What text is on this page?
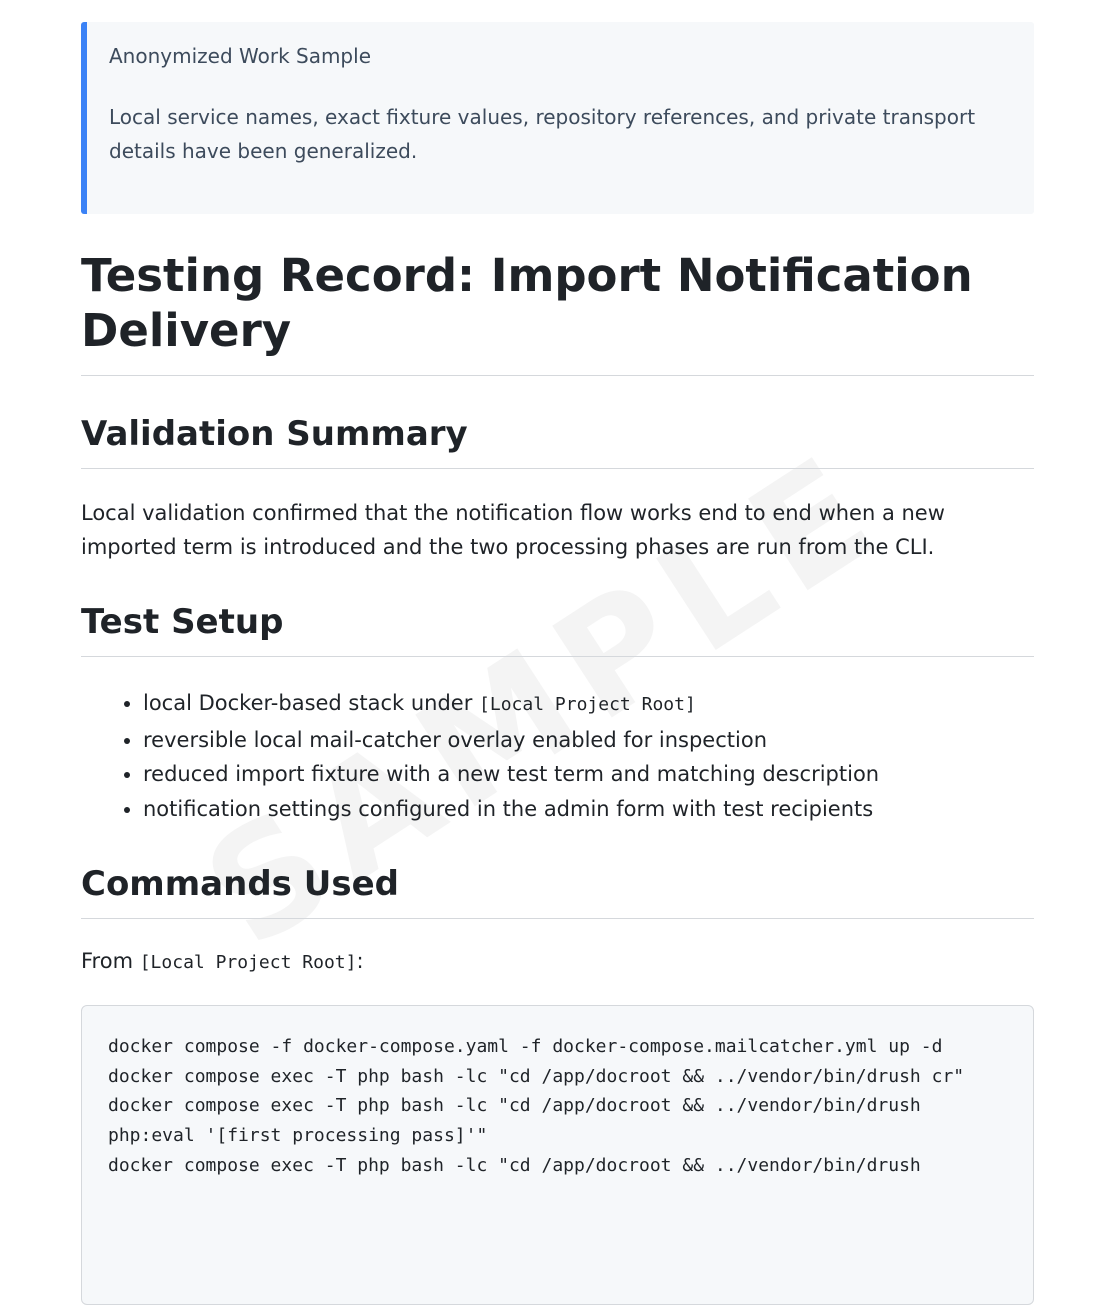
Anonymized Work Sample

Local service names, exact fixture values, repository references, and private transport details have been generalized.

Testing Record: Import Notification Delivery
Validation Summary

Local validation confirmed that the notification flow works end to end when a new imported term is introduced and the two processing phases are run from the CLI.

Test Setup
• local Docker-based stack under [Local Project Root]
• reversible local mail-catcher overlay enabled for inspection
• reduced import fixture with a new test term and matching description
• notification settings configured in the admin form with test recipients
Commands Used

From [Local Project Root]:

docker compose -f docker-compose.yaml -f docker-compose.mailcatcher.yml up -d
docker compose exec -T php bash -lc "cd /app/docroot && ../vendor/bin/drush cr"
docker compose exec -T php bash -lc "cd /app/docroot && ../vendor/bin/drush
php:eval '[first processing pass]'"
docker compose exec -T php bash -lc "cd /app/docroot && ../vendor/bin/drush
